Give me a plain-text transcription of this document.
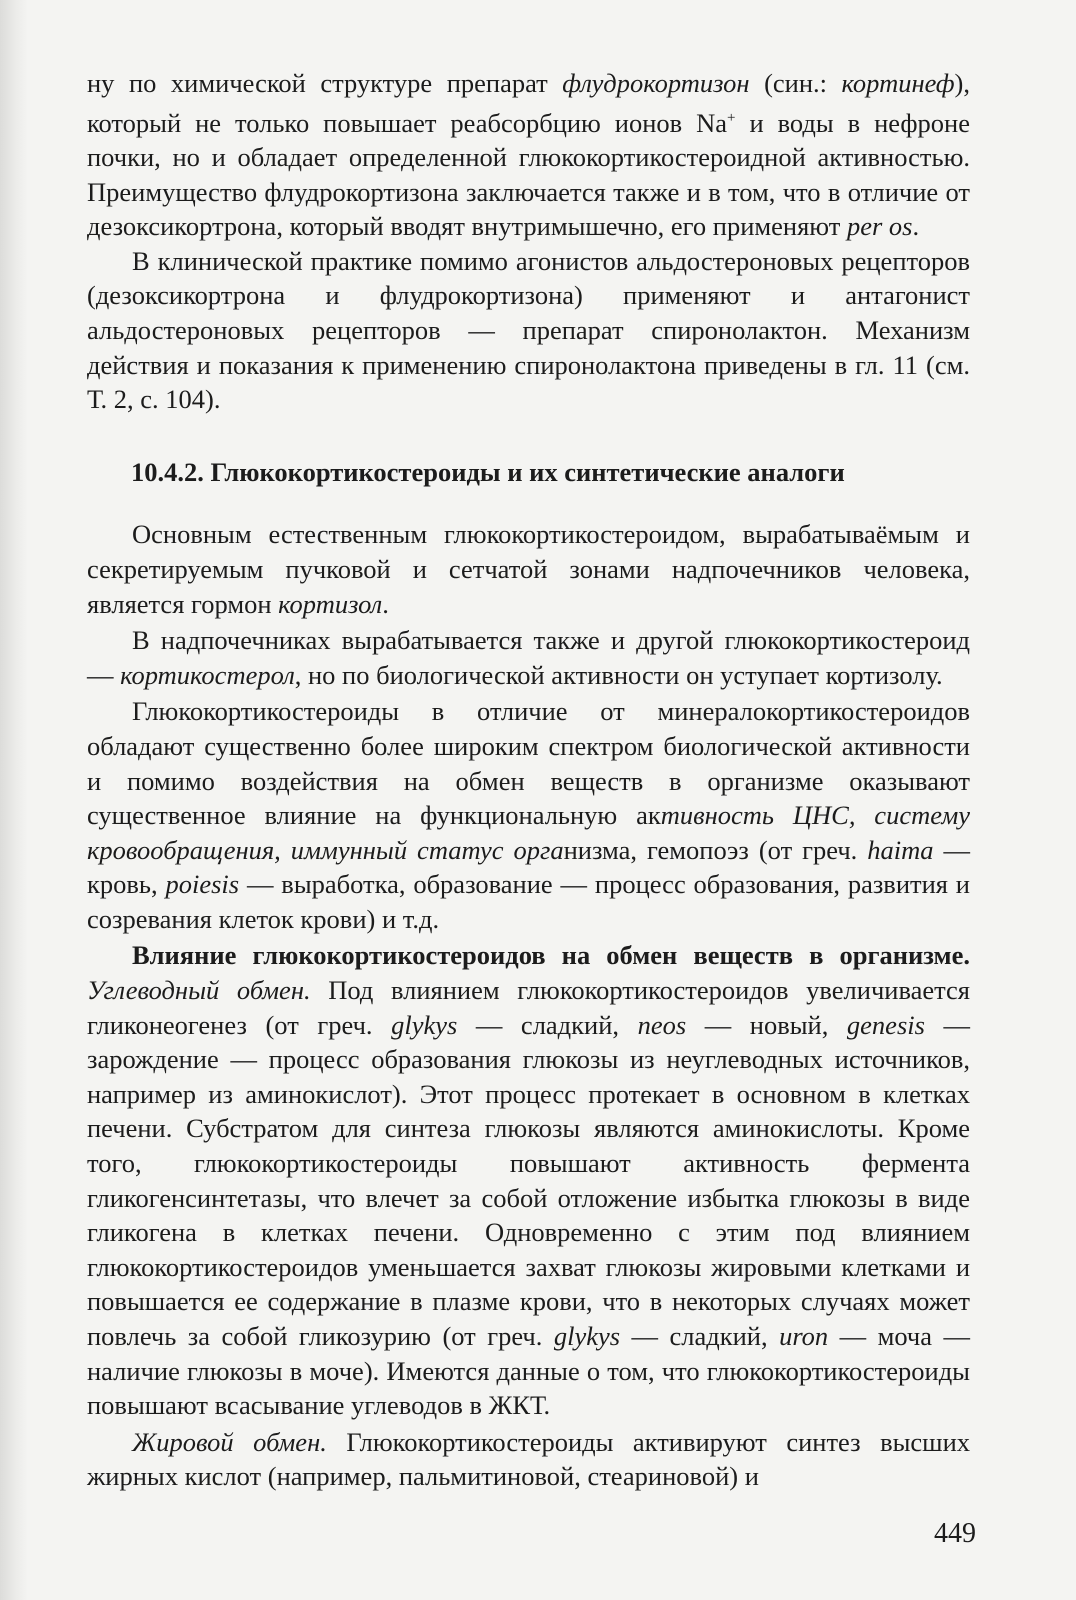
ну по химической структуре препарат флудрокортизон (син.: кортинеф), который не только повышает реабсорбцию ионов Na+ и воды в нефроне почки, но и обладает определенной глюкокортикостероидной активностью. Преимущество флудрокортизона заключается также и в том, что в отличие от дезоксикортрона, который вводят внутримышечно, его применяют per os.

В клинической практике помимо агонистов альдостероновых рецепторов (дезоксикортрона и флудрокортизона) применяют и антагонист альдостероновых рецепторов — препарат спиронолактон. Механизм действия и показания к применению спиронолактона приведены в гл. 11 (см. Т. 2, с. 104).

10.4.2. Глюкокортикостероиды и их синтетические аналоги

Основным естественным глюкокортикостероидом, вырабатываёмым и секретируемым пучковой и сетчатой зонами надпочечников человека, является гормон кортизол.

В надпочечниках вырабатывается также и другой глюкокортикостероид — кортикостерол, но по биологической активности он уступает кортизолу.

Глюкокортикостероиды в отличие от минералокортикостероидов обладают существенно более широким спектром биологической активности и помимо воздействия на обмен веществ в организме оказывают существенное влияние на функциональную активность ЦНС, систему кровообращения, иммунный статус организма, гемопоэз (от греч. haima — кровь, poiesis — выработка, образование — процесс образования, развития и созревания клеток крови) и т.д.

Влияние глюкокортикостероидов на обмен веществ в организме. Углеводный обмен. Под влиянием глюкокортикостероидов увеличивается гликонеогенез (от греч. glykys — сладкий, neos — новый, genesis — зарождение — процесс образования глюкозы из неуглеводных источников, например из аминокислот). Этот процесс протекает в основном в клетках печени. Субстратом для синтеза глюкозы являются аминокислоты. Кроме того, глюкокортикостероиды повышают активность фермента гликогенсинтетазы, что влечет за собой отложение избытка глюкозы в виде гликогена в клетках печени. Одновременно с этим под влиянием глюкокортикостероидов уменьшается захват глюкозы жировыми клетками и повышается ее содержание в плазме крови, что в некоторых случаях может повлечь за собой гликозурию (от греч. glykys — сладкий, uron — моча — наличие глюкозы в моче). Имеются данные о том, что глюкокортикостероиды повышают всасывание углеводов в ЖКТ.

Жировой обмен. Глюкокортикостероиды активируют синтез высших жирных кислот (например, пальмитиновой, стеариновой) и

449
